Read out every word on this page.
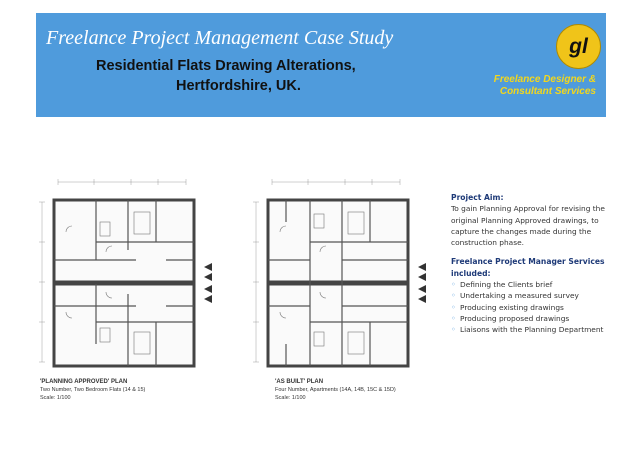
Freelance Project Management Case Study
Residential Flats Drawing Alterations,
Hertfordshire, UK.
gl
Freelance Designer & Consultant Services
'PLANNING APPROVED' PLAN
Two Number, Two Bedroom Flats (14 & 15)
Scale: 1/100
'AS BUILT' PLAN
Four Number, Apartments (14A, 14B, 15C & 15D)
Scale: 1/100
Project Aim:

To gain Planning Approval for revising the original Planning Approved drawings, to capture the changes made during the construction phase.

Freelance Project Manager Services included:
◦ Defining the Clients brief
◦ Undertaking a measured survey
◦ Producing existing drawings
◦ Producing proposed drawings
◦ Liaisons with the Planning Department
